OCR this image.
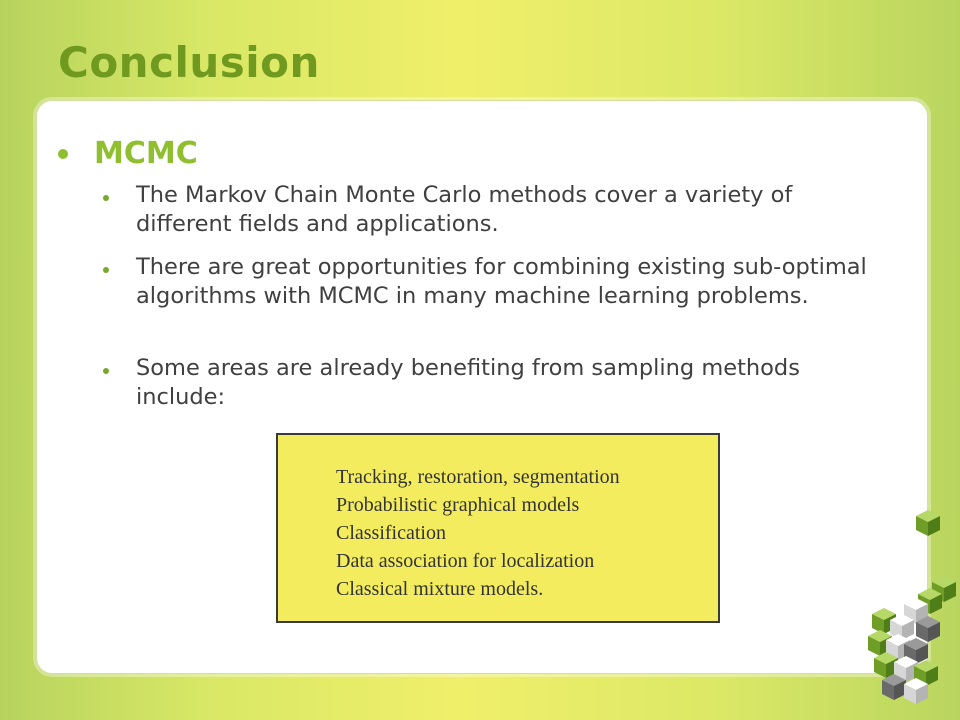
Conclusion
MCMC
The Markov Chain Monte Carlo methods cover a variety of different fields and applications.
There are great opportunities for combining existing sub-optimal algorithms with MCMC in many machine learning problems.
Some areas are already benefiting from sampling methods include:
Tracking, restoration, segmentation
Probabilistic graphical models
Classification
Data association for localization
Classical mixture models.
